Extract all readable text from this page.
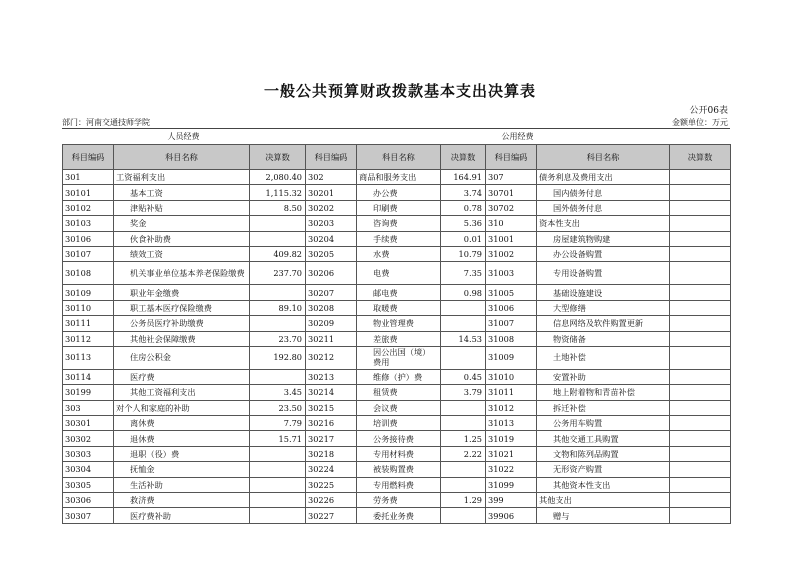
一般公共预算财政拨款基本支出决算表
公开06表
部门：河南交通技师学院	金额单位：万元
人员经费	公用经费
科目编码	科目名称	决算数	科目编码	科目名称	决算数	科目编码	科目名称	决算数
301	工资福利支出	2,080.40	302	商品和服务支出	164.91	307	债务利息及费用支出	
30101	基本工资	1,115.32	30201	办公费	3.74	30701	国内债务付息	
30102	津贴补贴	8.50	30202	印刷费	0.78	30702	国外债务付息	
30103	奖金		30203	咨询费	5.36	310	资本性支出	
30106	伙食补助费		30204	手续费	0.01	31001	房屋建筑物购建	
30107	绩效工资	409.82	30205	水费	10.79	31002	办公设备购置	
30108	机关事业单位基本养老保险缴费	237.70	30206	电费	7.35	31003	专用设备购置	
30109	职业年金缴费		30207	邮电费	0.98	31005	基础设施建设	
30110	职工基本医疗保险缴费	89.10	30208	取暖费		31006	大型修缮	
30111	公务员医疗补助缴费		30209	物业管理费		31007	信息网络及软件购置更新	
30112	其他社会保障缴费	23.70	30211	差旅费	14.53	31008	物资储备	
30113	住房公积金	192.80	30212	因公出国（境）费用		31009	土地补偿	
30114	医疗费		30213	维修（护）费	0.45	31010	安置补助	
30199	其他工资福利支出	3.45	30214	租赁费	3.79	31011	地上附着物和青苗补偿	
303	对个人和家庭的补助	23.50	30215	会议费		31012	拆迁补偿	
30301	离休费	7.79	30216	培训费		31013	公务用车购置	
30302	退休费	15.71	30217	公务接待费	1.25	31019	其他交通工具购置	
30303	退职（役）费		30218	专用材料费	2.22	31021	文物和陈列品购置	
30304	抚恤金		30224	被装购置费		31022	无形资产购置	
30305	生活补助		30225	专用燃料费		31099	其他资本性支出	
30306	救济费		30226	劳务费	1.29	399	其他支出	
30307	医疗费补助		30227	委托业务费		39906	赠与	
